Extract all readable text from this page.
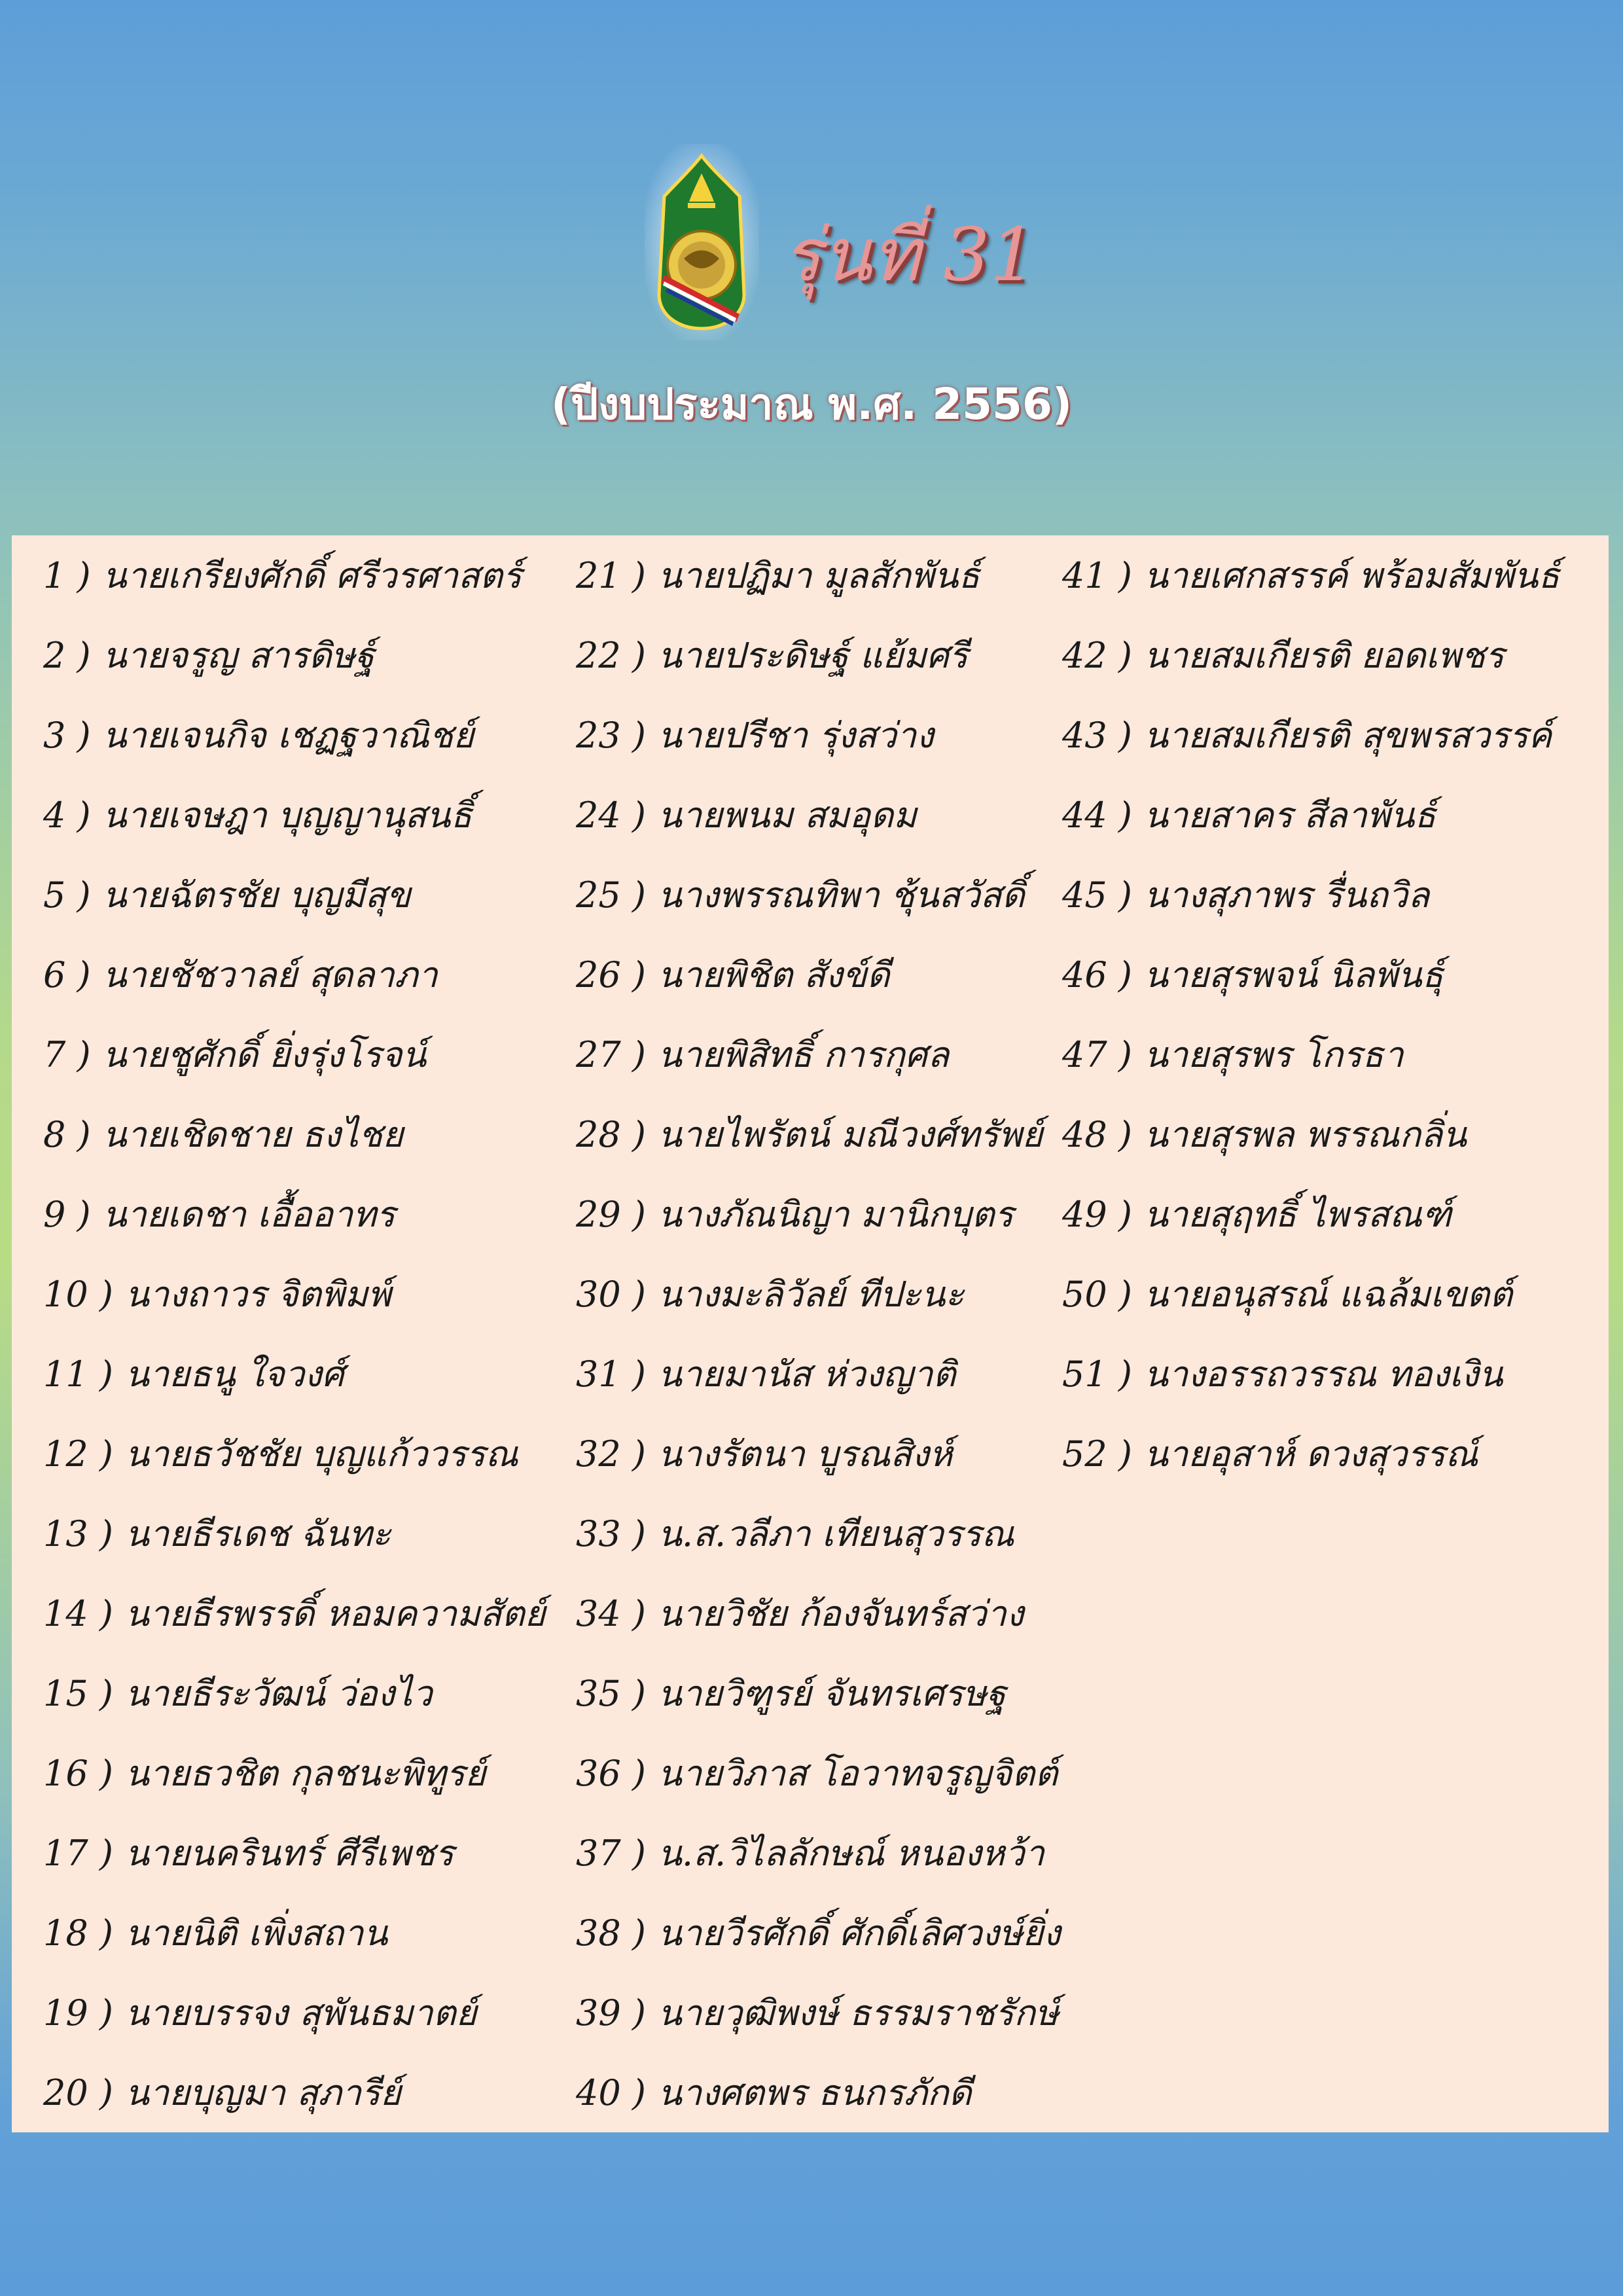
รุ่นที่ 31
(ปีงบประมาณ พ.ศ. 2556)
1 ) นายเกรียงศักดิ์ ศรีวรศาสตร์
2 ) นายจรูญ สารดิษฐ์
3 ) นายเจนกิจ เชฏฐวาณิชย์
4 ) นายเจษฎา บุญญานุสนธิ์
5 ) นายฉัตรชัย บุญมีสุข
6 ) นายชัชวาลย์ สุดลาภา
7 ) นายชูศักดิ์ ยิ่งรุ่งโรจน์
8 ) นายเชิดชาย ธงไชย
9 ) นายเดชา เอื้ออาทร
10 ) นางถาวร จิตพิมพ์
11 ) นายธนู ใจวงศ์
12 ) นายธวัชชัย บุญแก้ววรรณ
13 ) นายธีรเดช ฉันทะ
14 ) นายธีรพรรดิ์ หอมความสัตย์
15 ) นายธีระวัฒน์ ว่องไว
16 ) นายธวชิต กุลชนะพิทูรย์
17 ) นายนครินทร์ ศีรีเพชร
18 ) นายนิติ เพิ่งสถาน
19 ) นายบรรจง สุพันธมาตย์
20 ) นายบุญมา สุภารีย์
21 ) นายปฏิมา มูลสักพันธ์
22 ) นายประดิษฐ์ แย้มศรี
23 ) นายปรีชา รุ่งสว่าง
24 ) นายพนม สมอุดม
25 ) นางพรรณทิพา ชุ้นสวัสดิ์
26 ) นายพิชิต สังข์ดี
27 ) นายพิสิทธิ์ การกุศล
28 ) นายไพรัตน์ มณีวงศ์ทรัพย์
29 ) นางภัณนิญา มานิกบุตร
30 ) นางมะลิวัลย์ ทีปะนะ
31 ) นายมานัส ห่วงญาติ
32 ) นางรัตนา บูรณสิงห์
33 ) น.ส.วลีภา เทียนสุวรรณ
34 ) นายวิชัย ก้องจันทร์สว่าง
35 ) นายวิฑูรย์ จันทรเศรษฐ
36 ) นายวิภาส โอวาทจรูญจิตต์
37 ) น.ส.วิไลลักษณ์ หนองหว้า
38 ) นายวีรศักดิ์ ศักดิ์เลิศวงษ์ยิ่ง
39 ) นายวุฒิพงษ์ ธรรมราชรักษ์
40 ) นางศตพร ธนกรภักดี
41 ) นายเศกสรรค์ พร้อมสัมพันธ์
42 ) นายสมเกียรติ ยอดเพชร
43 ) นายสมเกียรติ สุขพรสวรรค์
44 ) นายสาคร สีลาพันธ์
45 ) นางสุภาพร รื่นถวิล
46 ) นายสุรพจน์ นิลพันธุ์
47 ) นายสุรพร โกรธา
48 ) นายสุรพล พรรณกลิ่น
49 ) นายสุฤทธิ์ ไพรสณฑ์
50 ) นายอนุสรณ์ แฉล้มเขตต์
51 ) นางอรรถวรรณ ทองเงิน
52 ) นายอุสาห์ ดวงสุวรรณ์
